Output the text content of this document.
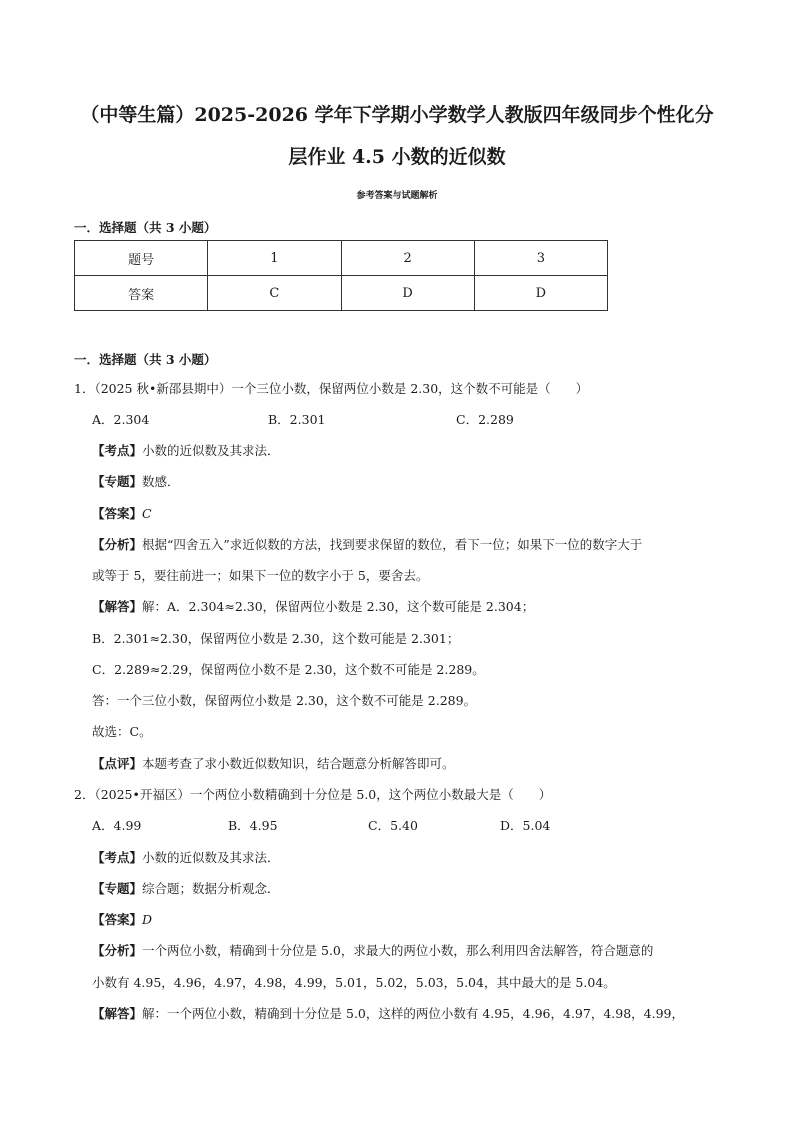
（中等生篇）2025-2026 学年下学期小学数学人教版四年级同步个性化分
层作业 4.5 小数的近似数
参考答案与试题解析
一．选择题（共 3 小题）
题号	1	2	3
答案	C	D	D
一．选择题（共 3 小题）
1．（2025 秋•新邵县期中）一个三位小数，保留两位小数是 2.30，这个数不可能是（　　）
A．2.304	B．2.301	C．2.289
【考点】小数的近似数及其求法．
【专题】数感．
【答案】C
【分析】根据“四舍五入”求近似数的方法，找到要求保留的数位，看下一位；如果下一位的数字大于
或等于 5，要往前进一；如果下一位的数字小于 5，要舍去。
【解答】解：A．2.304≈2.30，保留两位小数是 2.30，这个数可能是 2.304；
B．2.301≈2.30，保留两位小数是 2.30，这个数可能是 2.301；
C．2.289≈2.29，保留两位小数不是 2.30，这个数不可能是 2.289。
答：一个三位小数，保留两位小数是 2.30，这个数不可能是 2.289。
故选：C。
【点评】本题考查了求小数近似数知识，结合题意分析解答即可。
2．（2025•开福区）一个两位小数精确到十分位是 5.0，这个两位小数最大是（　　）
A．4.99	B．4.95	C．5.40	D．5.04
【考点】小数的近似数及其求法．
【专题】综合题；数据分析观念．
【答案】D
【分析】一个两位小数，精确到十分位是 5.0，求最大的两位小数，那么利用四舍法解答，符合题意的
小数有 4.95，4.96，4.97，4.98，4.99，5.01，5.02，5.03，5.04，其中最大的是 5.04。
【解答】解：一个两位小数，精确到十分位是 5.0，这样的两位小数有 4.95，4.96，4.97，4.98，4.99，
